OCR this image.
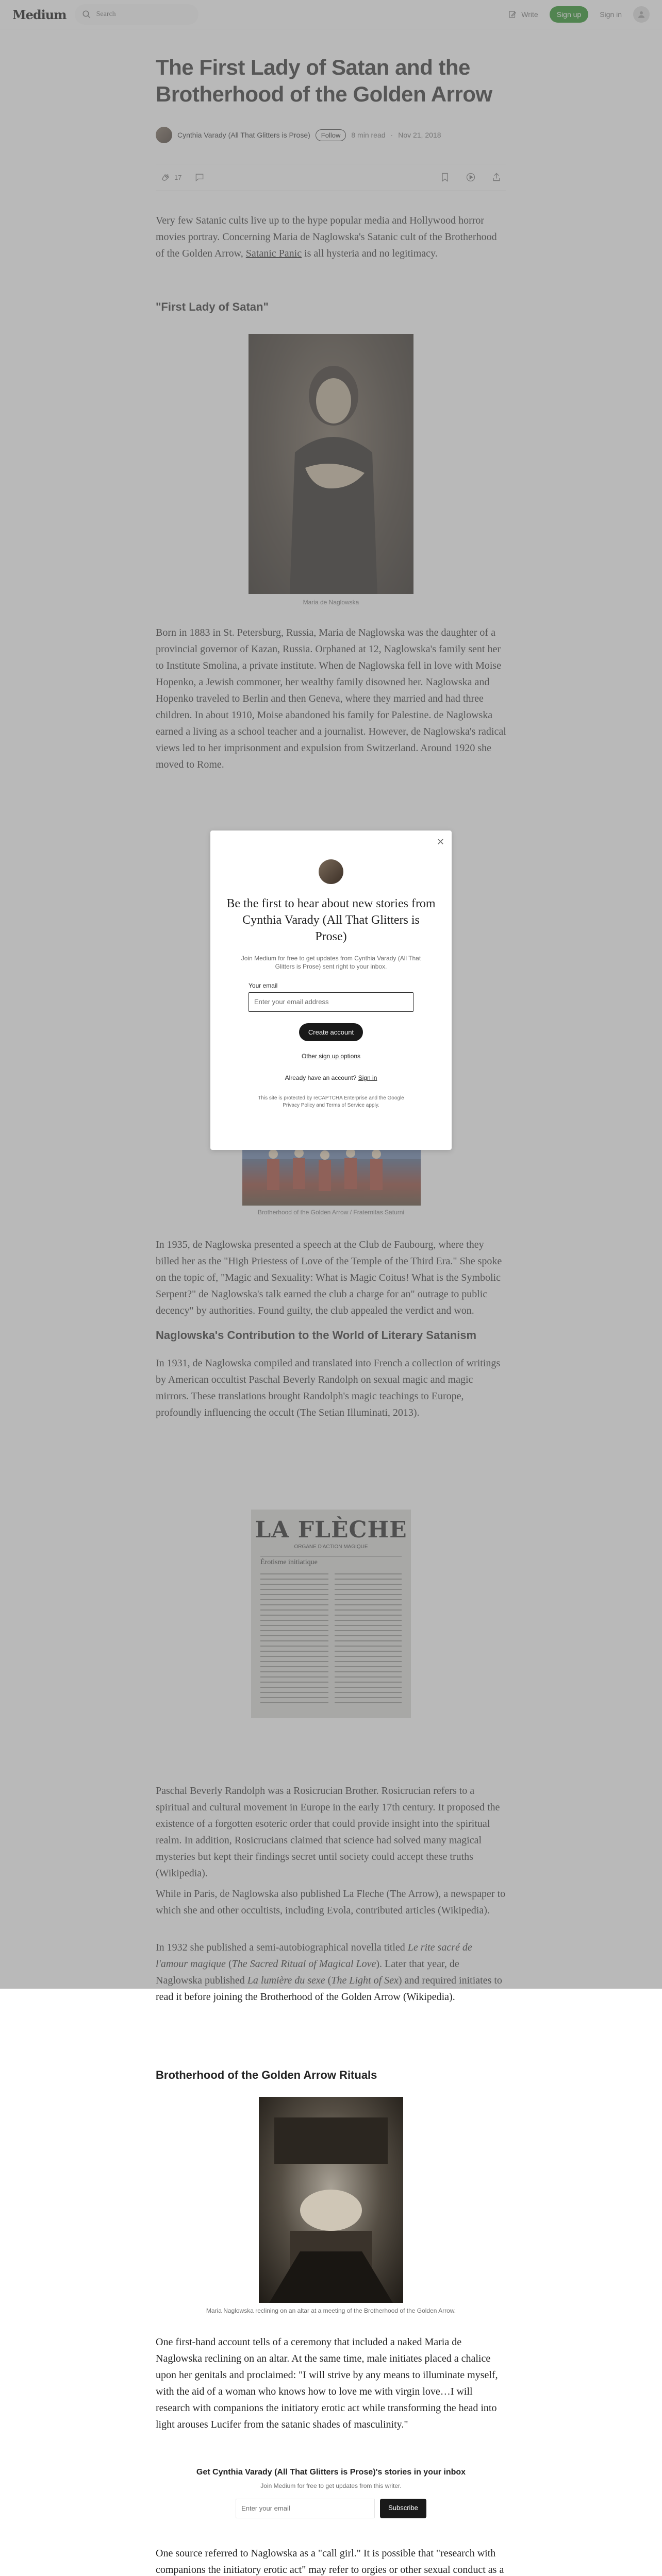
read it before joining the Brotherhood of the Golden Arrow (Wikipedia).

Brotherhood of the Golden Arrow Rituals
Maria Naglowska reclining on an altar at a meeting of the Brotherhood of the Golden Arrow.

One first-hand account tells of a ceremony that included a naked Maria de Naglowska reclining on an altar. At the same time, male initiates placed a chalice upon her genitals and proclaimed: "I will strive by any means to illuminate myself, with the aid of a woman who knows how to love me with virgin love…I will research with companions the initiatory erotic act while transforming the head into light arouses Lucifer from the satanic shades of masculinity."

Get Cynthia Varady (All That Glitters is Prose)'s stories in your inbox
Join Medium for free to get updates from this writer.
Enter your email	Subscribe

One source referred to Naglowska as a "call girl." It is possible that "research with companions the initiatory erotic act" may refer to orgies or other sexual conduct as a

✕
Be the first to hear about new stories from Cynthia Varady (All That Glitters is Prose)
Join Medium for free to get updates from Cynthia Varady (All That Glitters is Prose) sent right to your inbox.
Your email
Enter your email address
Create account
Other sign up options
Already have an account? Sign in
This site is protected by reCAPTCHA Enterprise and the Google Privacy Policy and Terms of Service apply.
